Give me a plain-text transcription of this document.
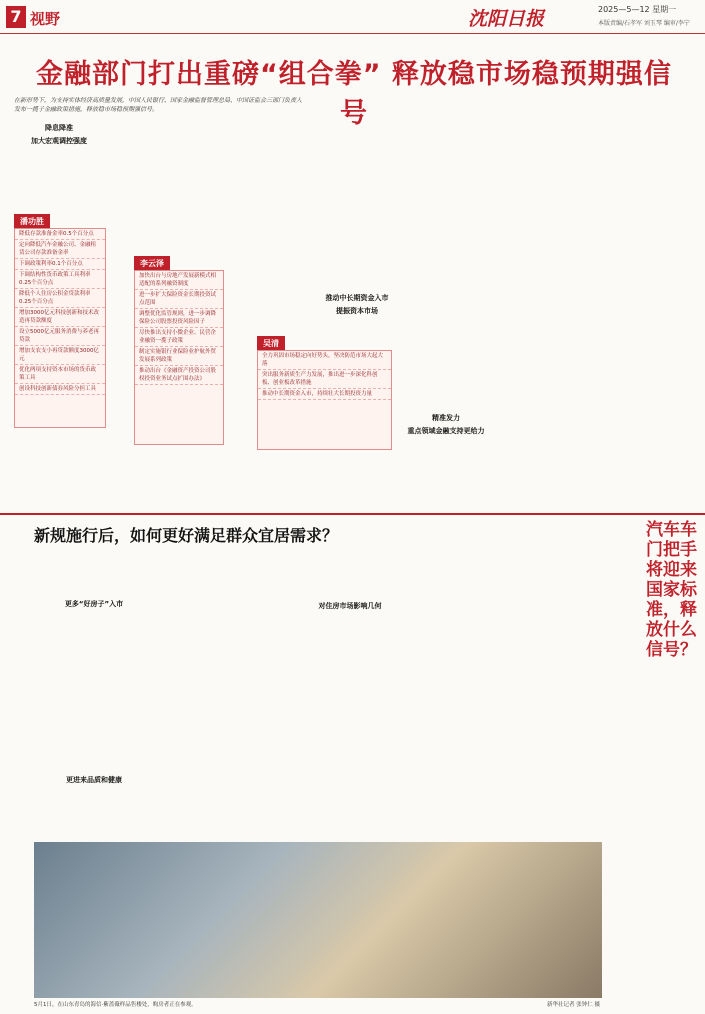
7 视野	沈阳日报	2025—5—12 星期一
本版责编/石孝军 刘玉琴 编审/李宁
金融部门打出重磅“组合拳” 释放稳市场稳预期强信号

在新形势下，为支持实体经济高质量发展，中国人民银行、国家金融监督管理总局、中国证监会三部门负责人发布一揽子金融政策措施，释放稳市场稳预期强信号。

降息降准
加大宏观调控强度
潘功胜
降低存款准备金率0.5个百分点
定向降低汽车金融公司、金融租赁公司存款准备金率
下调政策利率0.1个百分点
下调结构性货币政策工具利率0.25个百分点
降低个人住房公积金贷款利率0.25个百分点
增加3000亿元科技创新和技术改造再贷款额度
设立5000亿元服务消费与养老再贷款
增加支农支小再贷款额度3000亿元
优化两项支持资本市场的货币政策工具
创设科技创新债券风险分担工具
李云泽
加快出台与房地产发展新模式相适配的系列融资制度
进一步扩大保险资金长期投资试点范围
调整优化监管规则，进一步调降保险公司股票投资风险因子
尽快推出支持小微企业、民营企业融资一揽子政策
制定实施银行业保险业护航外贸发展系列政策
推动出台《金融资产投资公司股权投资业务试点扩围办法》
推动中长期资金入市
提振资本市场
吴清
全力巩固市场稳定向好势头，坚决防范市场大起大落
突出服务新质生产力发展，推出进一步深化科创板、创业板改革措施
推动中长期资金入市，持续壮大长期投资力量
精准发力
重点领域金融支持更给力
新规施行后，如何更好满足群众宜居需求？
更多“好房子”入市	对住房市场影响几何
更进来品质和健康
汽车车门把手将迎来国家标准，释放什么信号？
5月1日，在山东青岛的海信·紫蔷薇样品售楼处，购房者正在参观。	新华社记者 张钟仁 摄
